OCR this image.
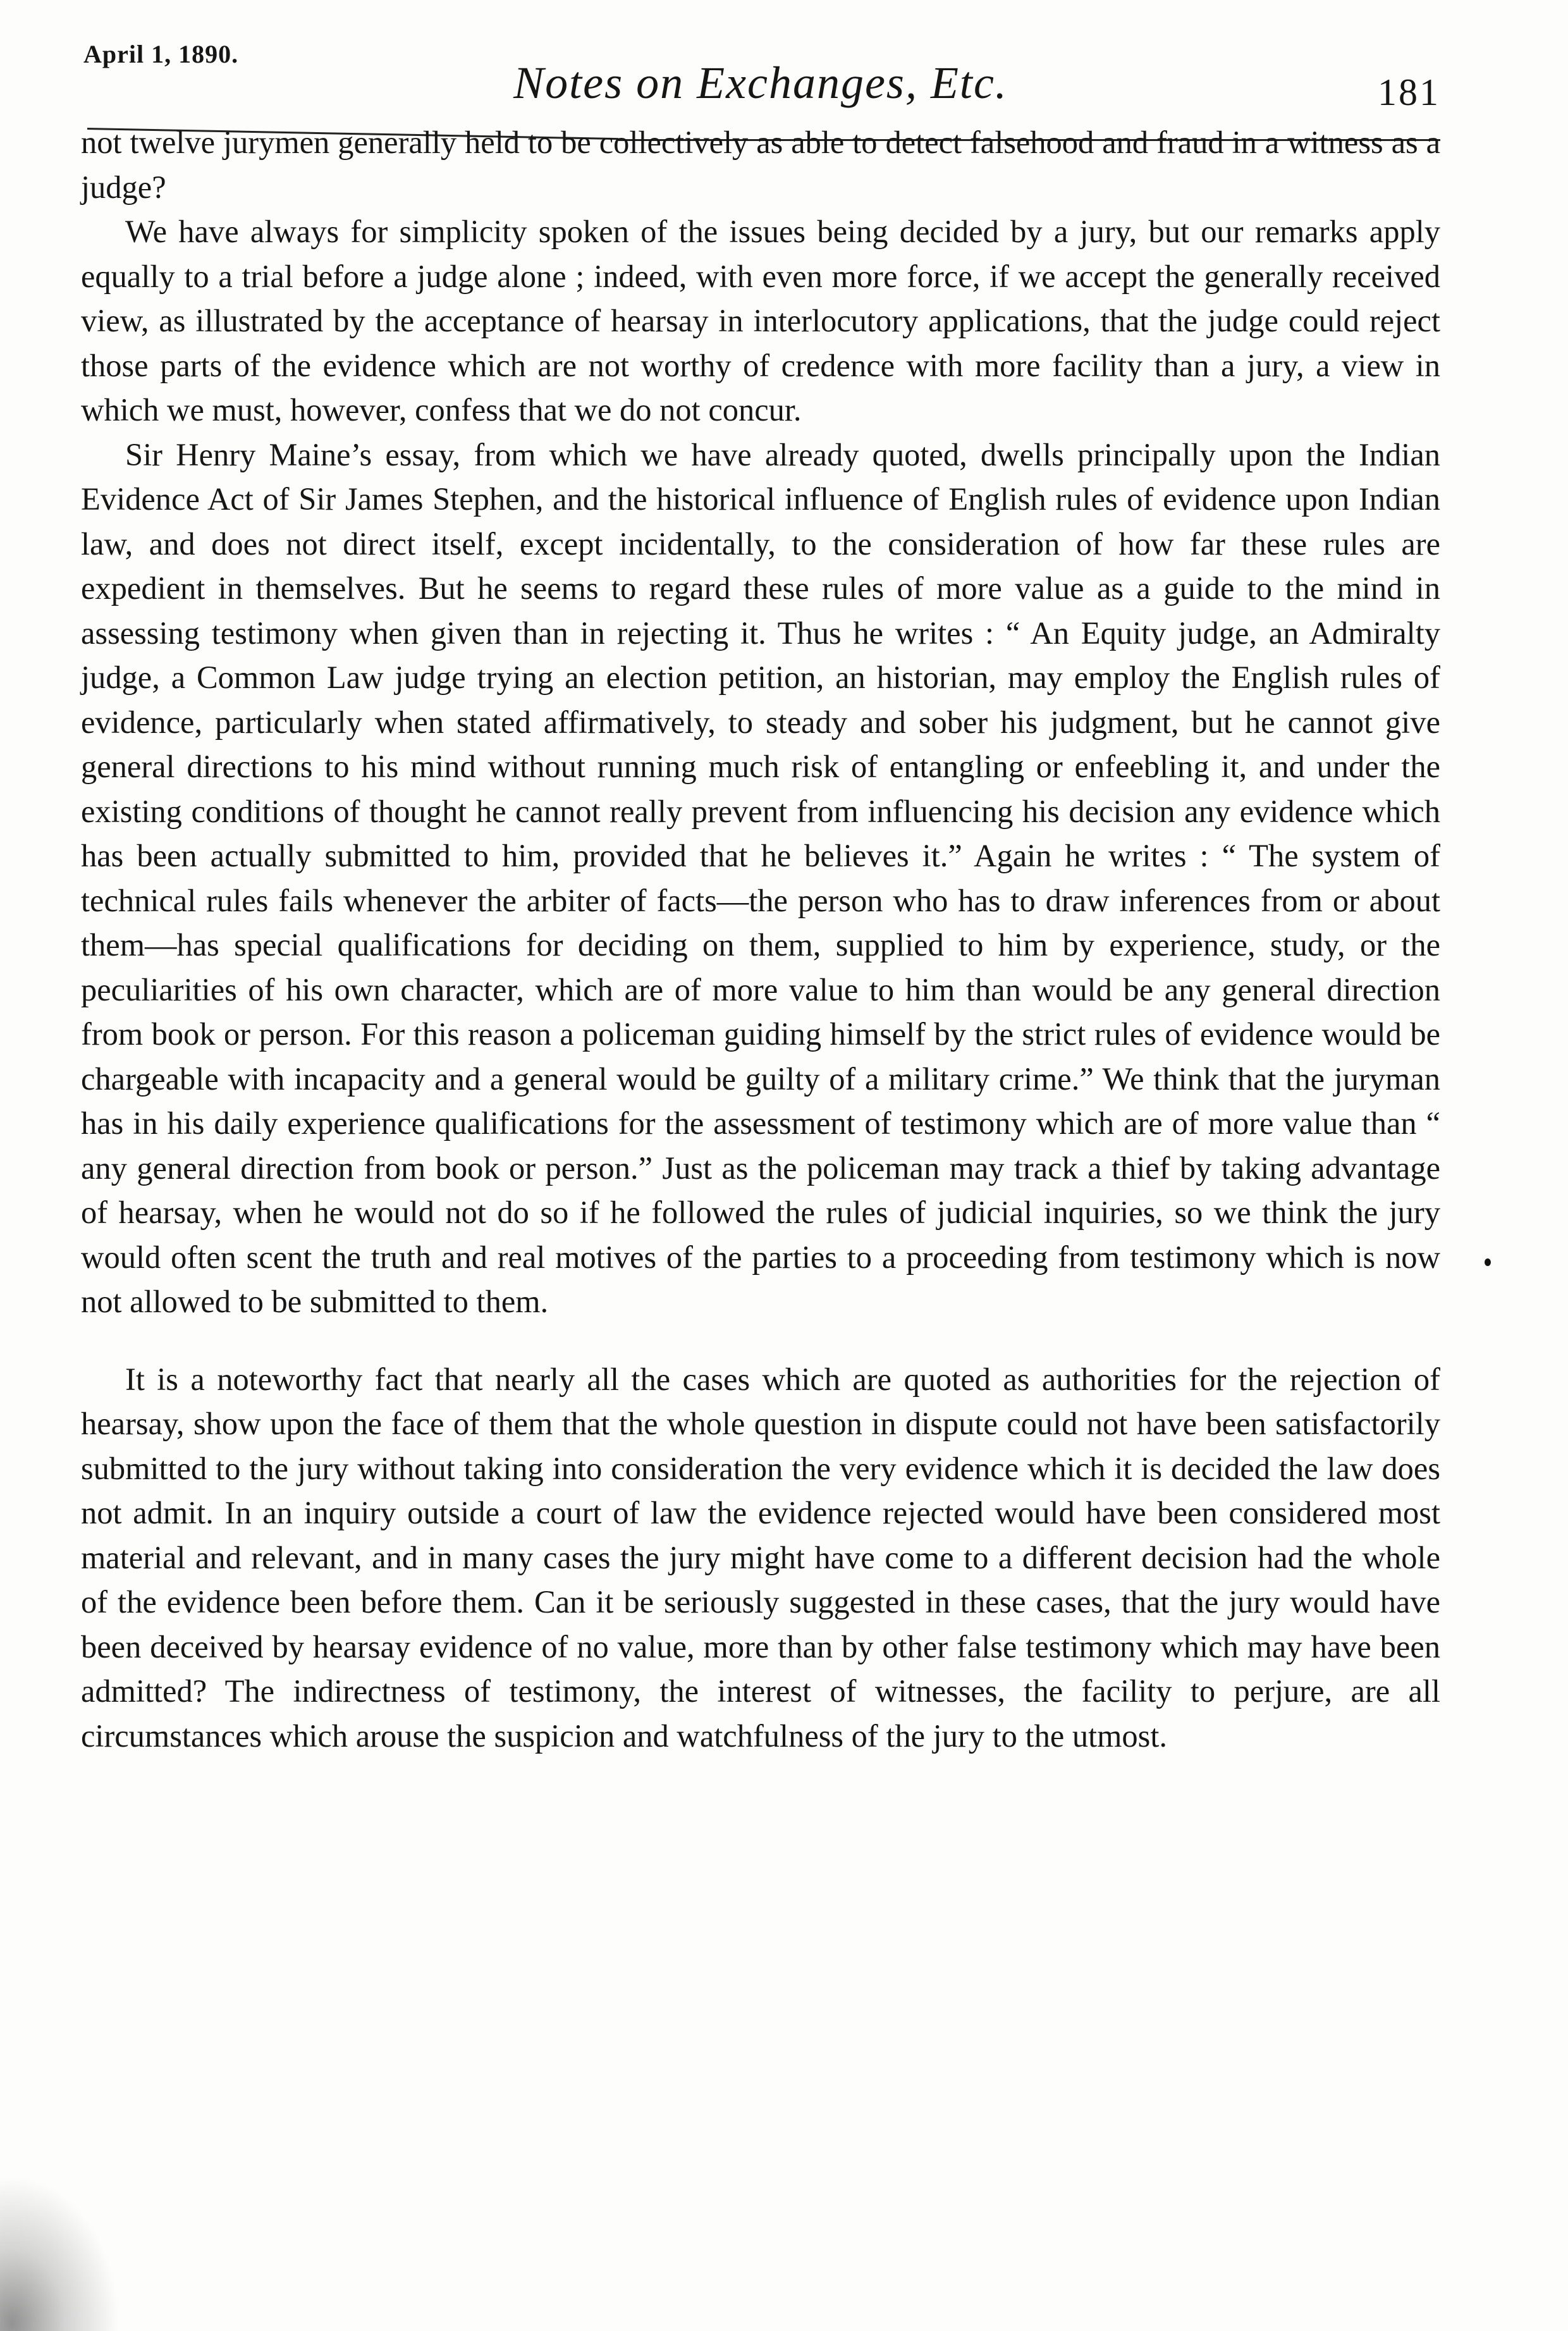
April 1, 1890.
Notes on Exchanges, Etc.	181

not twelve jurymen generally held to be collectively as able to detect falsehood and fraud in a witness as a judge?

We have always for simplicity spoken of the issues being decided by a jury, but our remarks apply equally to a trial before a judge alone ; indeed, with even more force, if we accept the generally received view, as illustrated by the acceptance of hearsay in interlocutory applications, that the judge could reject those parts of the evidence which are not worthy of credence with more facility than a jury, a view in which we must, however, confess that we do not concur.

Sir Henry Maine’s essay, from which we have already quoted, dwells principally upon the Indian Evidence Act of Sir James Stephen, and the historical influence of English rules of evidence upon Indian law, and does not direct itself, except incidentally, to the consideration of how far these rules are expedient in themselves. But he seems to regard these rules of more value as a guide to the mind in assessing testimony when given than in rejecting it. Thus he writes : “ An Equity judge, an Admiralty judge, a Common Law judge trying an election petition, an historian, may employ the English rules of evidence, particularly when stated affirmatively, to steady and sober his judgment, but he cannot give general directions to his mind without running much risk of entangling or enfeebling it, and under the existing conditions of thought he cannot really prevent from influencing his decision any evidence which has been actually submitted to him, provided that he believes it.” Again he writes : “ The system of technical rules fails whenever the arbiter of facts—the person who has to draw inferences from or about them—has special qualifications for deciding on them, supplied to him by experience, study, or the peculiarities of his own character, which are of more value to him than would be any general direction from book or person. For this reason a policeman guiding himself by the strict rules of evidence would be chargeable with incapacity and a general would be guilty of a military crime.” We think that the juryman has in his daily experience qualifications for the assessment of testimony which are of more value than “ any general direction from book or person.” Just as the policeman may track a thief by taking advantage of hearsay, when he would not do so if he followed the rules of judicial inquiries, so we think the jury would often scent the truth and real motives of the parties to a proceeding from testimony which is now not allowed to be submitted to them.

It is a noteworthy fact that nearly all the cases which are quoted as authorities for the rejection of hearsay, show upon the face of them that the whole question in dispute could not have been satisfactorily submitted to the jury without taking into consideration the very evidence which it is decided the law does not admit. In an inquiry outside a court of law the evidence rejected would have been considered most material and relevant, and in many cases the jury might have come to a different decision had the whole of the evidence been before them. Can it be seriously suggested in these cases, that the jury would have been deceived by hearsay evidence of no value, more than by other false testimony which may have been admitted? The indirectness of testimony, the interest of witnesses, the facility to perjure, are all circumstances which arouse the suspicion and watchfulness of the jury to the utmost.
